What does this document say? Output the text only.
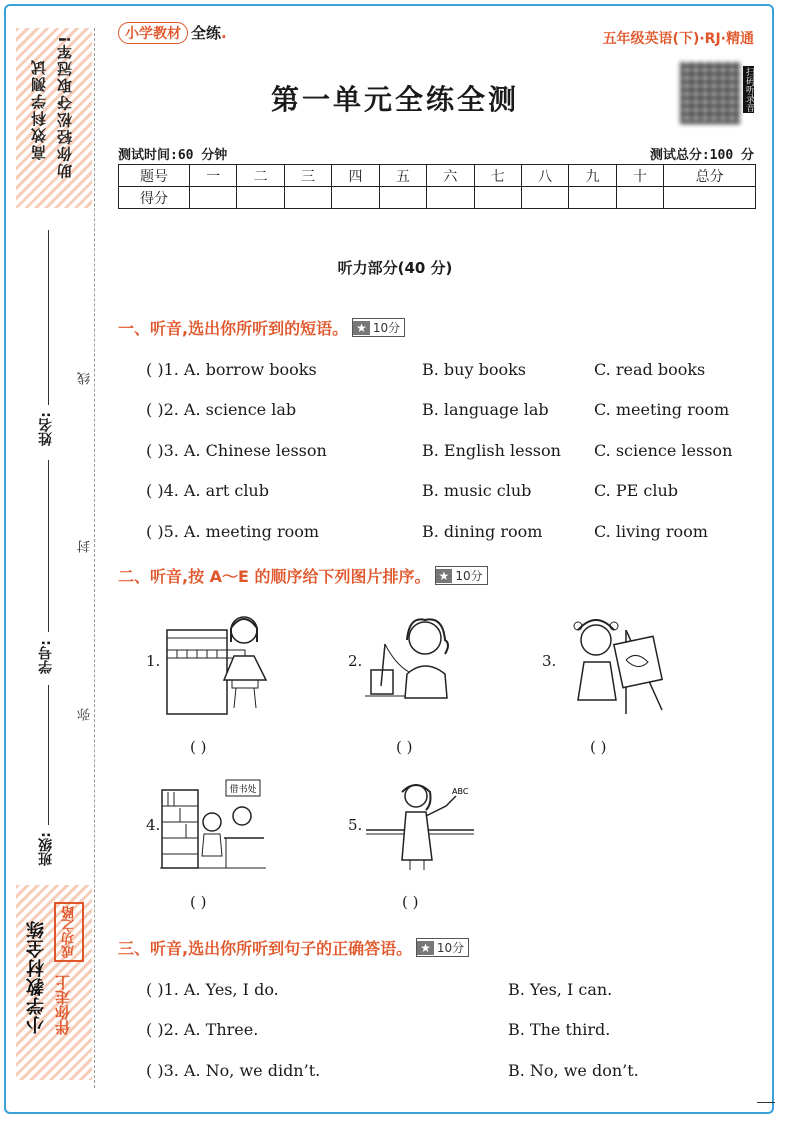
高效科学测试 助你轻松夺取冠军!
姓名:
学号:
班级:
线
封
弥
小学教材全练 伴你走上
成功之路
小学教材 全练.	五年级英语(下)·RJ·精通
第一单元全练全测	扫码听录音
测试时间:60 分钟	测试总分:100 分
题号	一	二	三	四	五	六	七	八	九	十	总分
得分											
听力部分(40 分)
一、听音,选出你所听到的短语。 ★ 10分
( )1. A. borrow books	B. buy books	C. read books
( )2. A. science lab	B. language lab	C. meeting room
( )3. A. Chinese lesson	B. English lesson C. science lesson
( )4. A. art club	B. music club	C. PE club
( )5. A. meeting room	B. dining room	C. living room
二、听音,按 A～E 的顺序给下列图片排序。 ★ 10分
1.
( )
2.
( )
3.
( )
4.
借书处
( )
5.
ABC
( )
三、听音,选出你所听到句子的正确答语。 ★ 10分
( )1. A. Yes, I do.	B. Yes, I can.
( )2. A. Three.	B. The third.
( )3. A. No, we didn’t.	B. No, we don’t.
